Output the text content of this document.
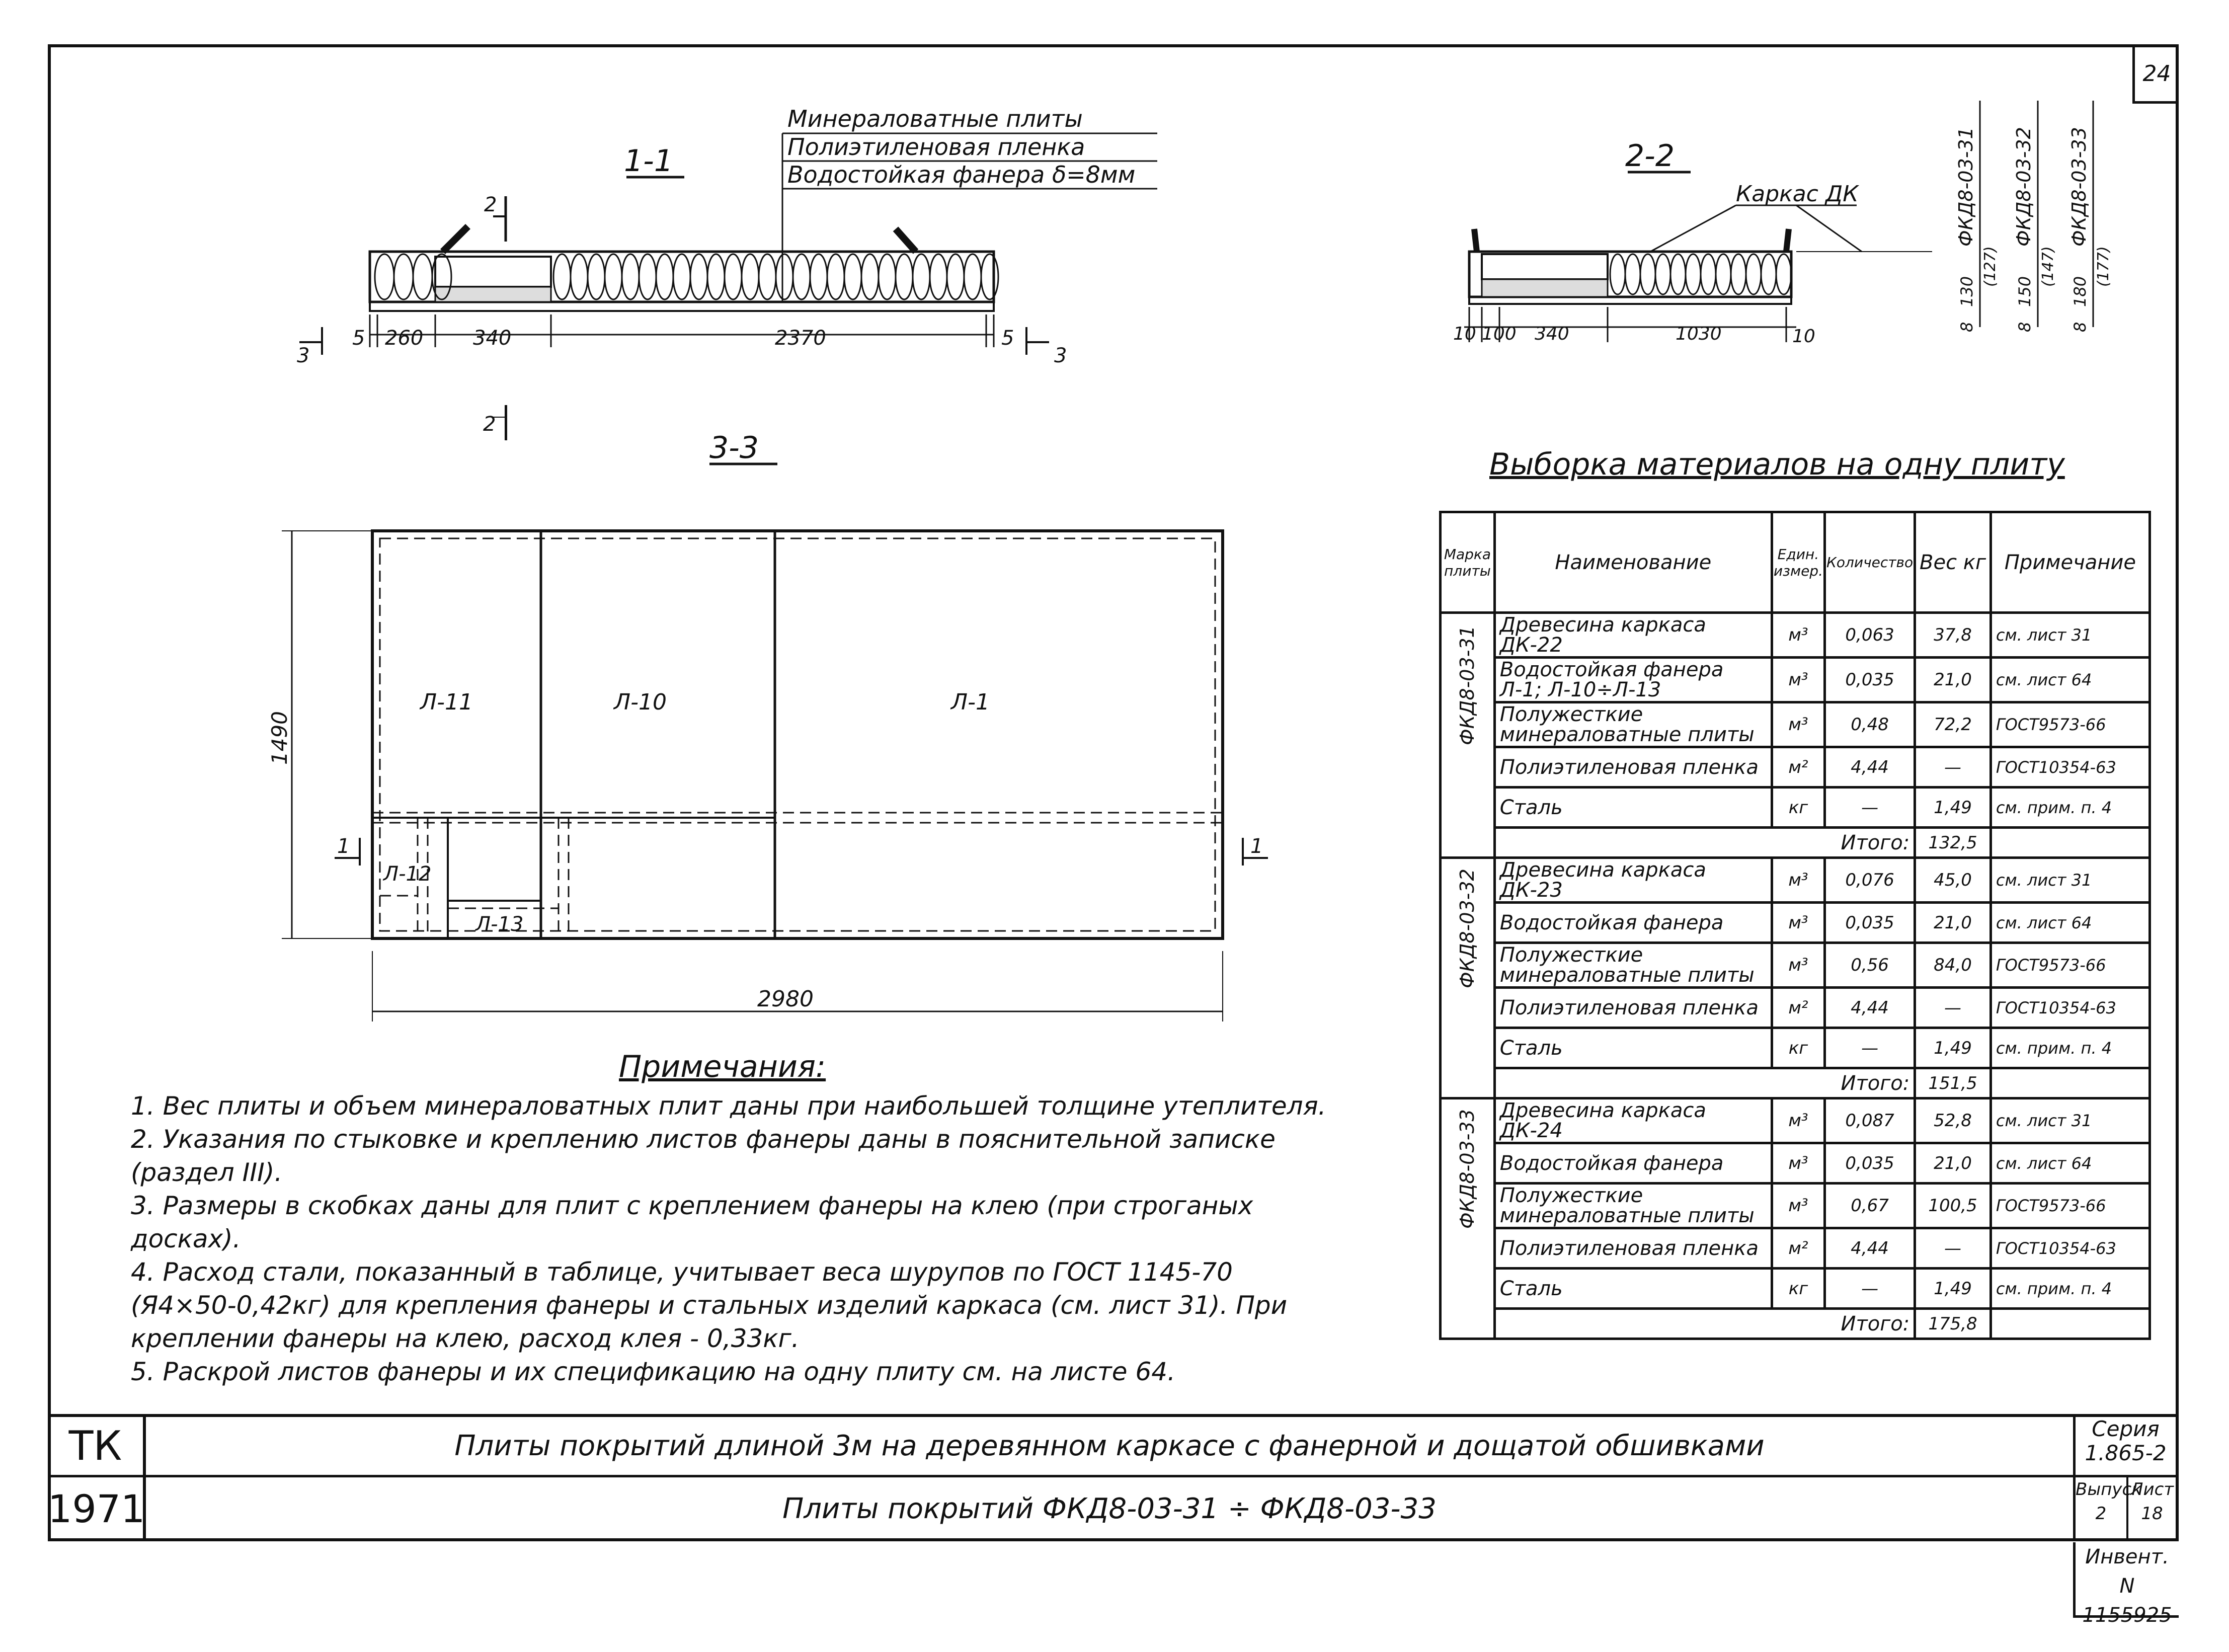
24
1-1
Минераловатные плиты
Полиэтиленовая пленка
Водостойкая фанера δ=8мм
2
5 260 340	2370	5
3	3
2
2-2
Каркас ДК
10 100 340	1030	10
ФКД8-03-31 ФКД8-03-32 ФКД8-03-33
8
130
(127)
8
150
(147)
8
180
(177)
3-3
Л-11	Л-10	Л-1
Л-12
Л-13
1490
2980
1	1
Выборка материалов на одну плиту
Марка плиты	Наименование	Един. измер.	Количество	Вес кг	Примечание

ФКД8-03-31	Древесина каркаса ДК-22	м³	0,063	37,8	см. лист 31
	Водостойкая фанера Л-1; Л-10÷Л-13	м³	0,035	21,0	см. лист 64
	Полужесткие минераловатные плиты	м³	0,48	72,2	ГОСТ9573-66
	Полиэтиленовая пленка	м²	4,44	—	ГОСТ10354-63
	Сталь	кг	—	1,49	см. прим. п. 4
	Итого:			132,5	

ФКД8-03-32	Древесина каркаса ДК-23	м³	0,076	45,0	см. лист 31
	Водостойкая фанера	м³	0,035	21,0	см. лист 64
	Полужесткие минераловатные плиты	м³	0,56	84,0	ГОСТ9573-66
	Полиэтиленовая пленка	м²	4,44	—	ГОСТ10354-63
	Сталь	кг	—	1,49	см. прим. п. 4
	Итого:			151,5	

ФКД8-03-33	Древесина каркаса ДК-24	м³	0,087	52,8	см. лист 31
	Водостойкая фанера	м³	0,035	21,0	см. лист 64
	Полужесткие минераловатные плиты	м³	0,67	100,5	ГОСТ9573-66
	Полиэтиленовая пленка	м²	4,44	—	ГОСТ10354-63
	Сталь	кг	—	1,49	см. прим. п. 4
	Итого:			175,8	
Примечания:
1. Вес плиты и объем минераловатных плит даны при наибольшей толщине утеплителя.
2. Указания по стыковке и креплению листов фанеры даны в пояснительной записке (раздел III).
3. Размеры в скобках даны для плит с креплением фанеры на клею (при строганых досках).
4. Расход стали, показанный в таблице, учитывает веса шурупов по ГОСТ 1145-70 (Я4×50-0,42кг) для крепления фанеры и стальных изделий каркаса (см. лист 31). При креплении фанеры на клею, расход клея - 0,33кг.
5. Раскрой листов фанеры и их спецификацию на одну плиту см. на листе 64.
ТК
1971
Плиты покрытий длиной 3м на деревянном каркасе с фанерной и дощатой обшивками
Плиты покрытий ФКД8-03-31 ÷ ФКД8-03-33
Серия
1.865-2
Выпуск
2
Лист
18
Инвент. N
1155925
